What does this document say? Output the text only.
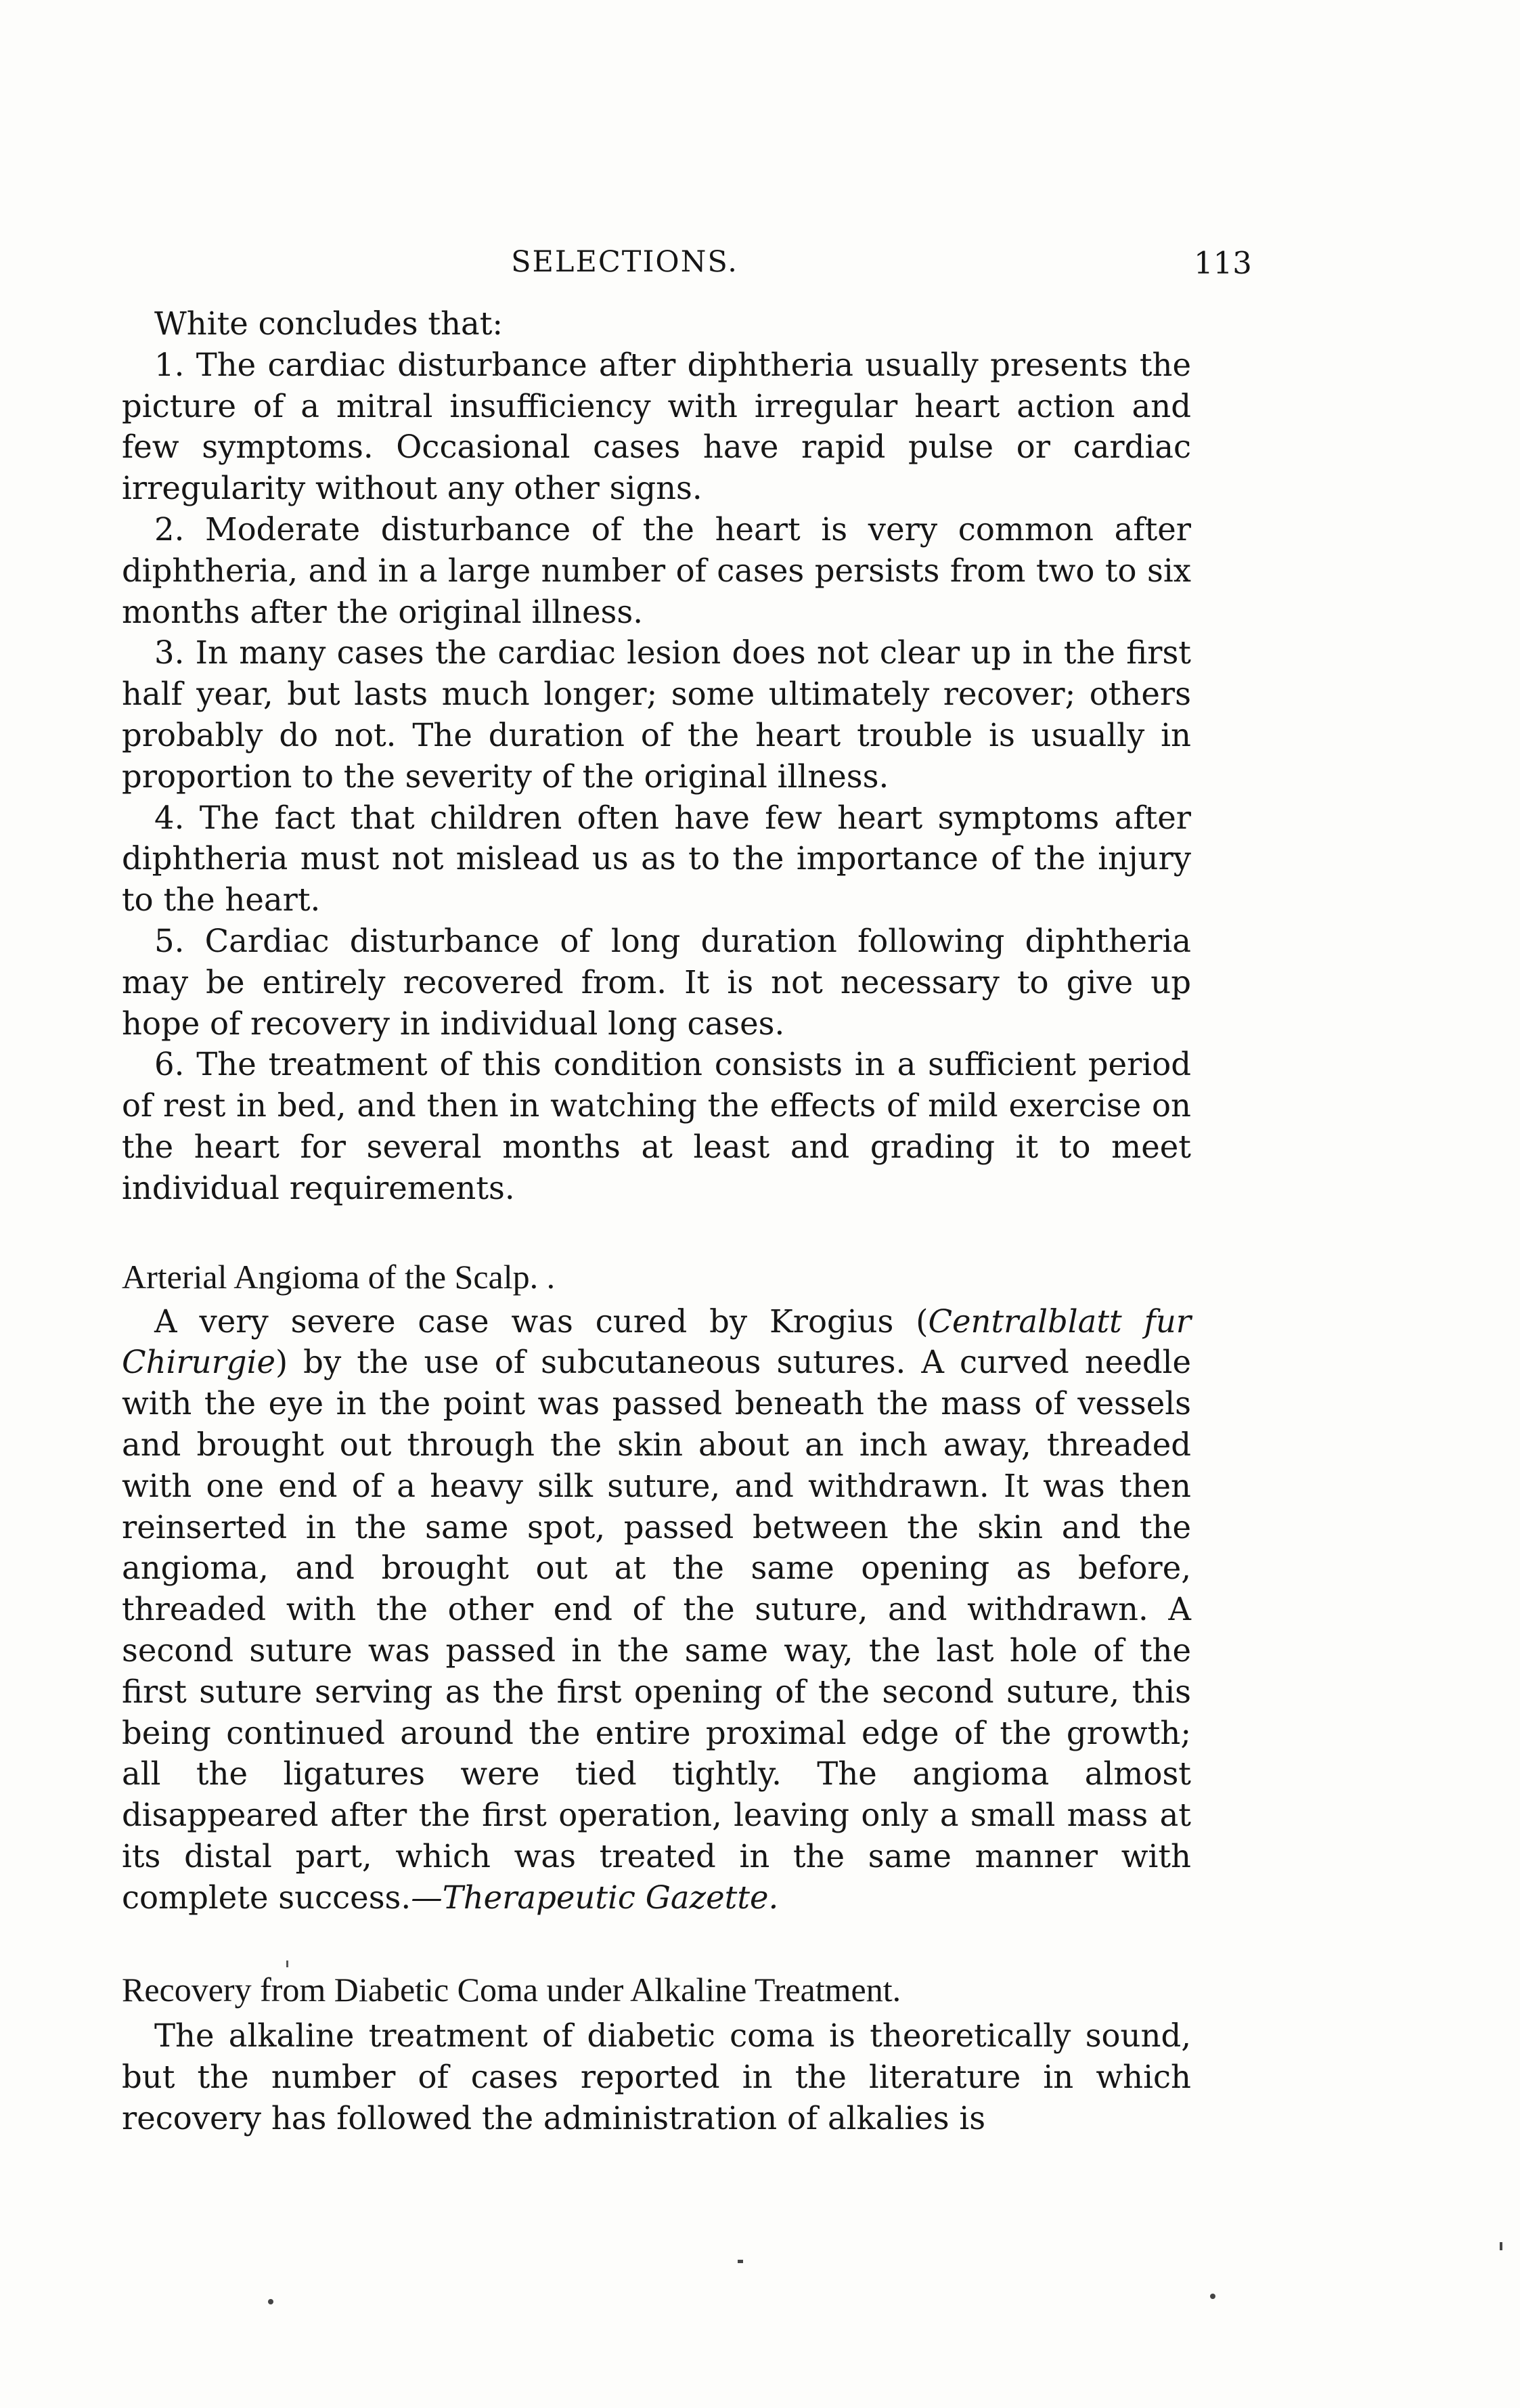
SELECTIONS.	113

White concludes that:

1. The cardiac disturbance after diphtheria usually presents the picture of a mitral insufficiency with irregular heart action and few symptoms. Occasional cases have rapid pulse or cardiac irregularity without any other signs.

2. Moderate disturbance of the heart is very common after diphtheria, and in a large number of cases persists from two to six months after the original illness.

3. In many cases the cardiac lesion does not clear up in the first half year, but lasts much longer; some ultimately recover; others probably do not. The duration of the heart trouble is usually in proportion to the severity of the original illness.

4. The fact that children often have few heart symptoms after diphtheria must not mislead us as to the importance of the injury to the heart.

5. Cardiac disturbance of long duration following diphtheria may be entirely recovered from. It is not necessary to give up hope of recovery in individual long cases.

6. The treatment of this condition consists in a sufficient period of rest in bed, and then in watching the effects of mild exercise on the heart for several months at least and grading it to meet individual requirements.

Arterial Angioma of the Scalp. .

A very severe case was cured by Krogius (Centralblatt fur Chirurgie) by the use of subcutaneous sutures. A curved needle with the eye in the point was passed beneath the mass of vessels and brought out through the skin about an inch away, threaded with one end of a heavy silk suture, and withdrawn. It was then reinserted in the same spot, passed between the skin and the angioma, and brought out at the same opening as before, threaded with the other end of the suture, and withdrawn. A second suture was passed in the same way, the last hole of the first suture serving as the first opening of the second suture, this being continued around the entire proximal edge of the growth; all the ligatures were tied tightly. The angioma almost disappeared after the first operation, leaving only a small mass at its distal part, which was treated in the same manner with complete success.—Therapeutic Gazette.

Recovery from Diabetic Coma under Alkaline Treatment.

The alkaline treatment of diabetic coma is theoretically sound, but the number of cases reported in the literature in which recovery has followed the administration of alkalies is
